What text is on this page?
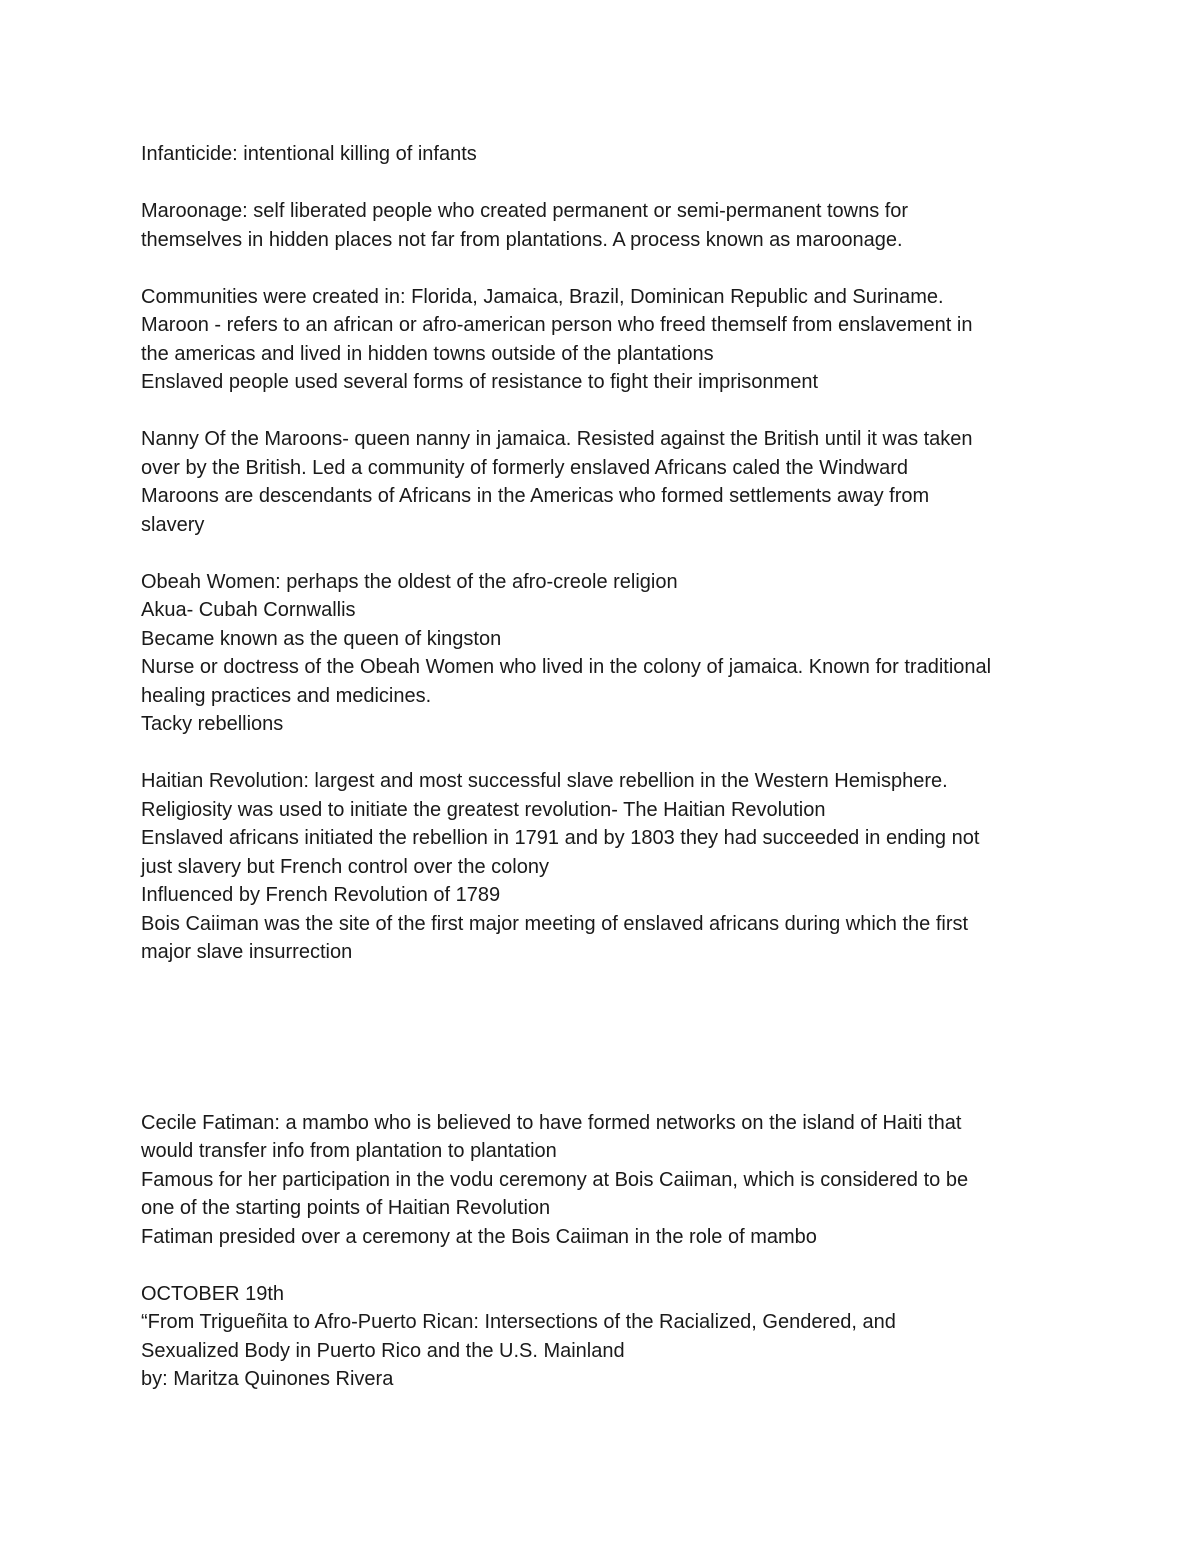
Infanticide: intentional killing of infants
Maroonage: self liberated people who created permanent or semi-permanent towns for
themselves in hidden places not far from plantations. A process known as maroonage.
Communities were created in: Florida, Jamaica, Brazil, Dominican Republic and Suriname.
Maroon - refers to an african or afro-american person who freed themself from enslavement in
the americas and lived in hidden towns outside of the plantations
Enslaved people used several forms of resistance to fight their imprisonment
Nanny Of the Maroons- queen nanny in jamaica. Resisted against the British until it was taken
over by the British. Led a community of formerly enslaved Africans caled the Windward
Maroons are descendants of Africans in the Americas who formed settlements away from
slavery
Obeah Women: perhaps the oldest of the afro-creole religion
Akua- Cubah Cornwallis
Became known as the queen of kingston
Nurse or doctress of the Obeah Women who lived in the colony of jamaica. Known for traditional
healing practices and medicines.
Tacky rebellions
Haitian Revolution: largest and most successful slave rebellion in the Western Hemisphere.
Religiosity was used to initiate the greatest revolution- The Haitian Revolution
Enslaved africans initiated the rebellion in 1791 and by 1803 they had succeeded in ending not
just slavery but French control over the colony
Influenced by French Revolution of 1789
Bois Caiiman was the site of the first major meeting of enslaved africans during which the first
major slave insurrection
Cecile Fatiman: a mambo who is believed to have formed networks on the island of Haiti that
would transfer info from plantation to plantation
Famous for her participation in the vodu ceremony at Bois Caiiman, which is considered to be
one of the starting points of Haitian Revolution
Fatiman presided over a ceremony at the Bois Caiiman in the role of mambo
OCTOBER 19th
“From Trigueñita to Afro-Puerto Rican: Intersections of the Racialized, Gendered, and
Sexualized Body in Puerto Rico and the U.S. Mainland
by: Maritza Quinones Rivera
